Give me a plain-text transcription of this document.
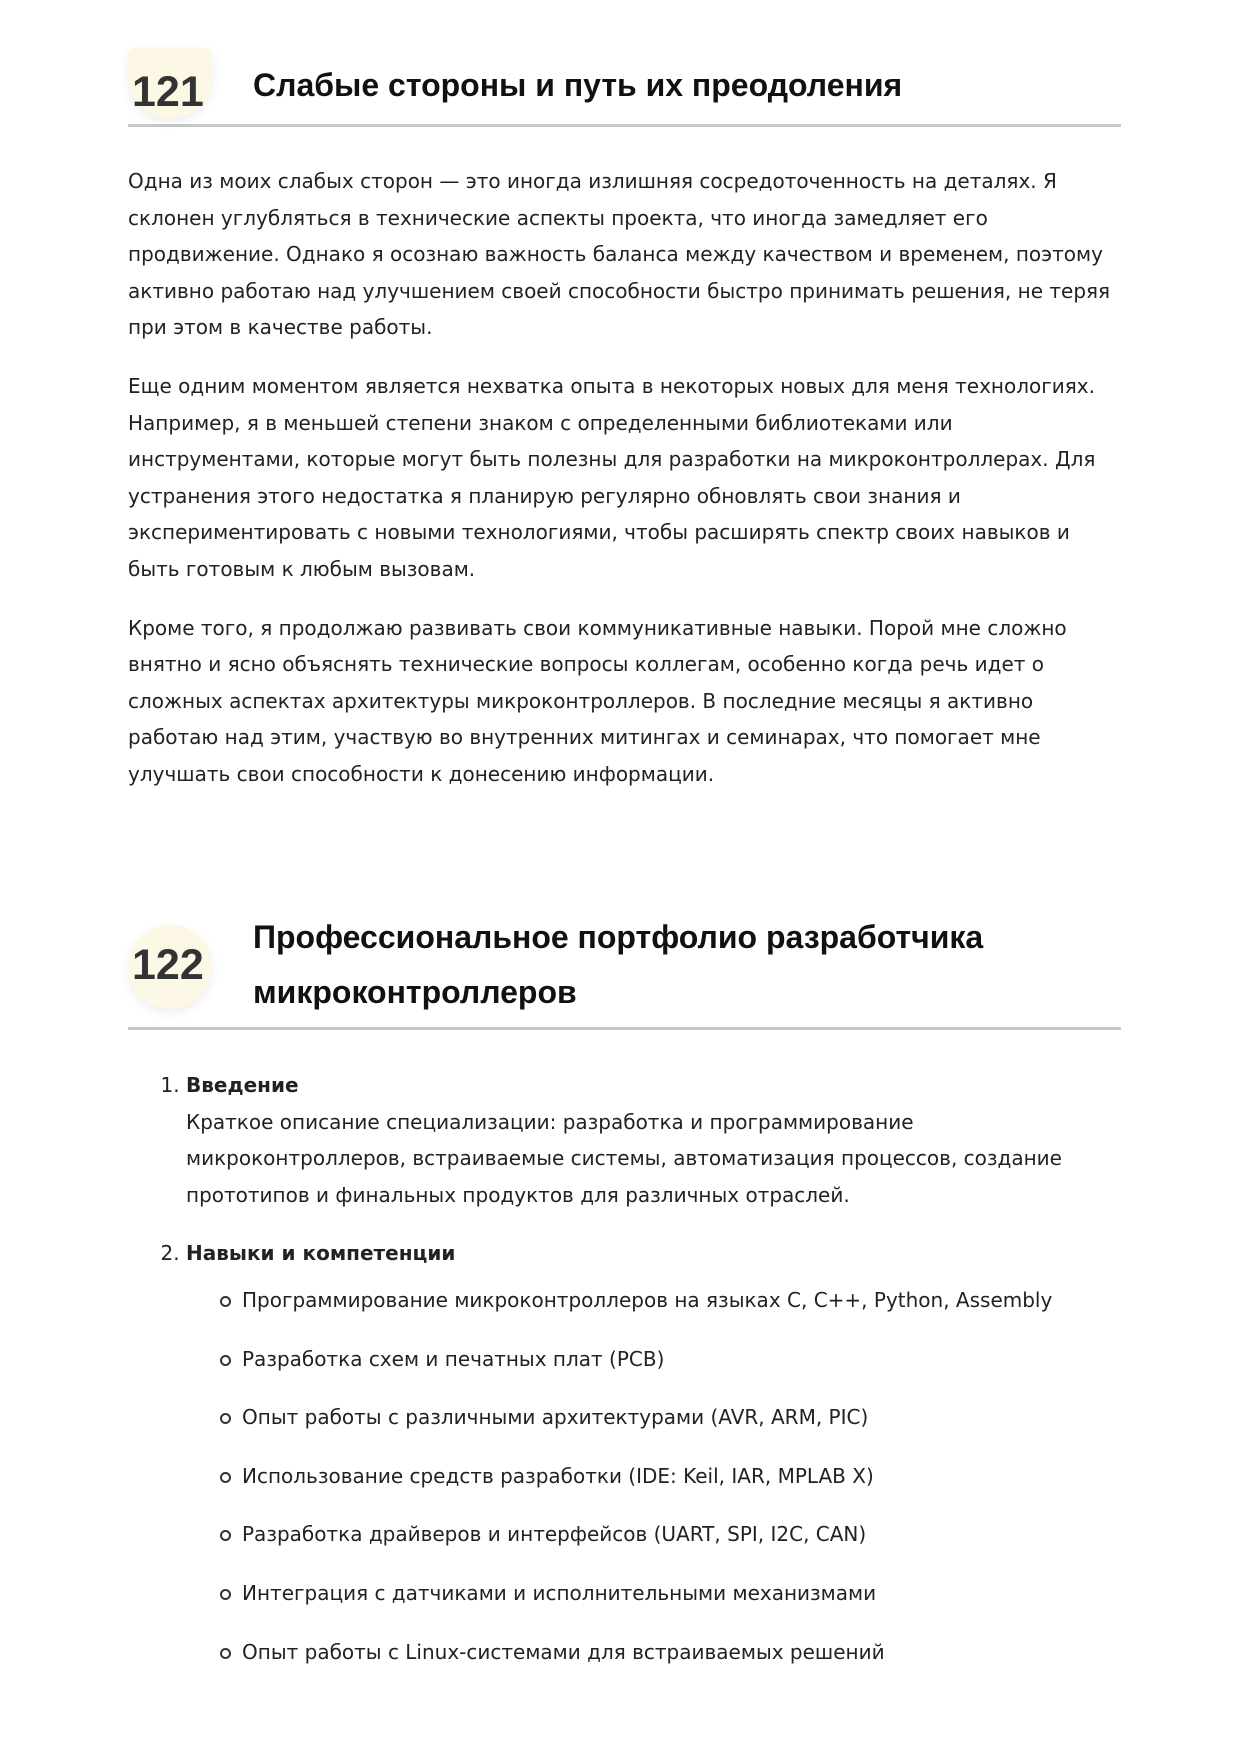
121 Слабые стороны и путь их преодоления

Одна из моих слабых сторон — это иногда излишняя сосредоточенность на деталях. Я склонен углубляться в технические аспекты проекта, что иногда замедляет его продвижение. Однако я осознаю важность баланса между качеством и временем, поэтому активно работаю над улучшением своей способности быстро принимать решения, не теряя при этом в качестве работы.

Еще одним моментом является нехватка опыта в некоторых новых для меня технологиях. Например, я в меньшей степени знаком с определенными библиотеками или инструментами, которые могут быть полезны для разработки на микроконтроллерах. Для устранения этого недостатка я планирую регулярно обновлять свои знания и экспериментировать с новыми технологиями, чтобы расширять спектр своих навыков и быть готовым к любым вызовам.

Кроме того, я продолжаю развивать свои коммуникативные навыки. Порой мне сложно внятно и ясно объяснять технические вопросы коллегам, особенно когда речь идет о сложных аспектах архитектуры микроконтроллеров. В последние месяцы я активно работаю над этим, участвую во внутренних митингах и семинарах, что помогает мне улучшать свои способности к донесению информации.

122
Профессиональное портфолио разработчика микроконтроллеров
1. Введение
Краткое описание специализации: разработка и программирование микроконтроллеров, встраиваемые системы, автоматизация процессов, создание прототипов и финальных продуктов для различных отраслей.
2. Навыки и компетенции
Программирование микроконтроллеров на языках C, C++, Python, Assembly
Разработка схем и печатных плат (PCB)
Опыт работы с различными архитектурами (AVR, ARM, PIC)
Использование средств разработки (IDE: Keil, IAR, MPLAB X)
Разработка драйверов и интерфейсов (UART, SPI, I2C, CAN)
Интеграция с датчиками и исполнительными механизмами
Опыт работы с Linux-системами для встраиваемых решений
